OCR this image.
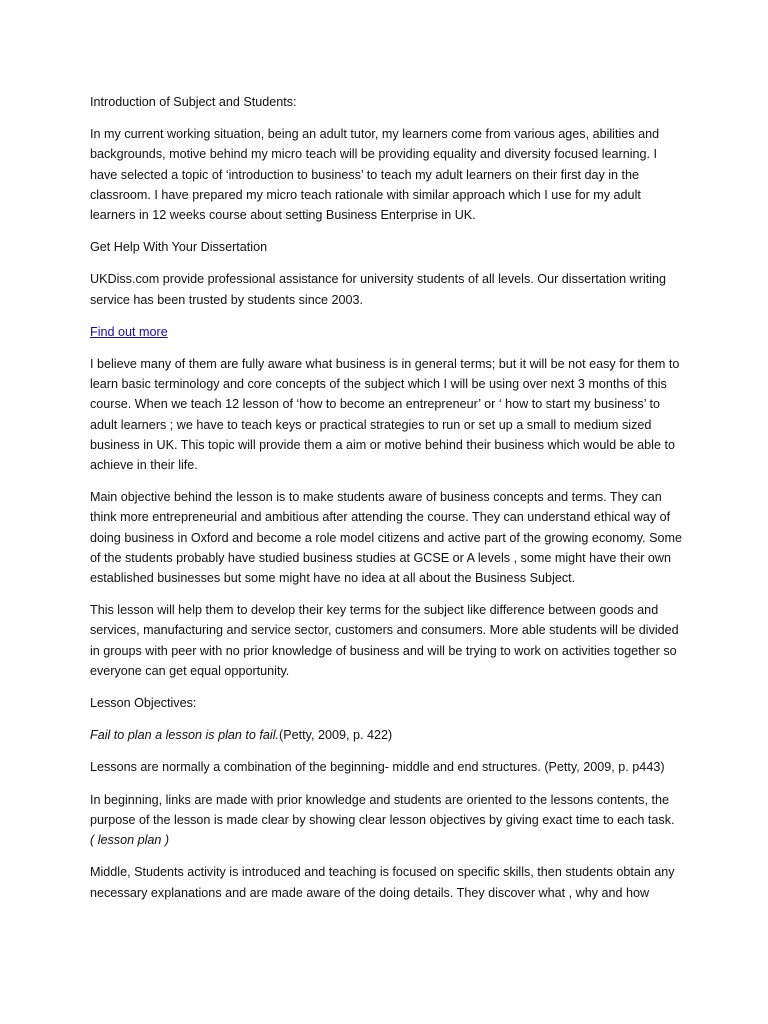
Introduction of Subject and Students:

In my current working situation, being an adult tutor, my learners come from various ages, abilities and backgrounds, motive behind my micro teach will be providing equality and diversity focused learning. I have selected a topic of ‘introduction to business’ to teach my adult learners on their first day in the classroom. I have prepared my micro teach rationale with similar approach which I use for my adult learners in 12 weeks course about setting Business Enterprise in UK.

Get Help With Your Dissertation

UKDiss.com provide professional assistance for university students of all levels. Our dissertation writing service has been trusted by students since 2003.

Find out more

I believe many of them are fully aware what business is in general terms; but it will be not easy for them to learn basic terminology and core concepts of the subject which I will be using over next 3 months of this course. When we teach 12 lesson of ‘how to become an entrepreneur’ or ‘ how to start my business’ to adult learners ; we have to teach keys or practical strategies to run or set up a small to medium sized business in UK. This topic will provide them a aim or motive behind their business which would be able to achieve in their life.

Main objective behind the lesson is to make students aware of business concepts and terms. They can think more entrepreneurial and ambitious after attending the course. They can understand ethical way of doing business in Oxford and become a role model citizens and active part of the growing economy. Some of the students probably have studied business studies at GCSE or A levels , some might have their own established businesses but some might have no idea at all about the Business Subject.

This lesson will help them to develop their key terms for the subject like difference between goods and services, manufacturing and service sector, customers and consumers. More able students will be divided in groups with peer with no prior knowledge of business and will be trying to work on activities together so everyone can get equal opportunity.

Lesson Objectives:

Fail to plan a lesson is plan to fail.(Petty, 2009, p. 422)

Lessons are normally a combination of the beginning- middle and end structures. (Petty, 2009, p. p443)

In beginning, links are made with prior knowledge and students are oriented to the lessons contents, the purpose of the lesson is made clear by showing clear lesson objectives by giving exact time to each task.
( lesson plan )

Middle, Students activity is introduced and teaching is focused on specific skills, then students obtain any necessary explanations and are made aware of the doing details. They discover what , why and how
